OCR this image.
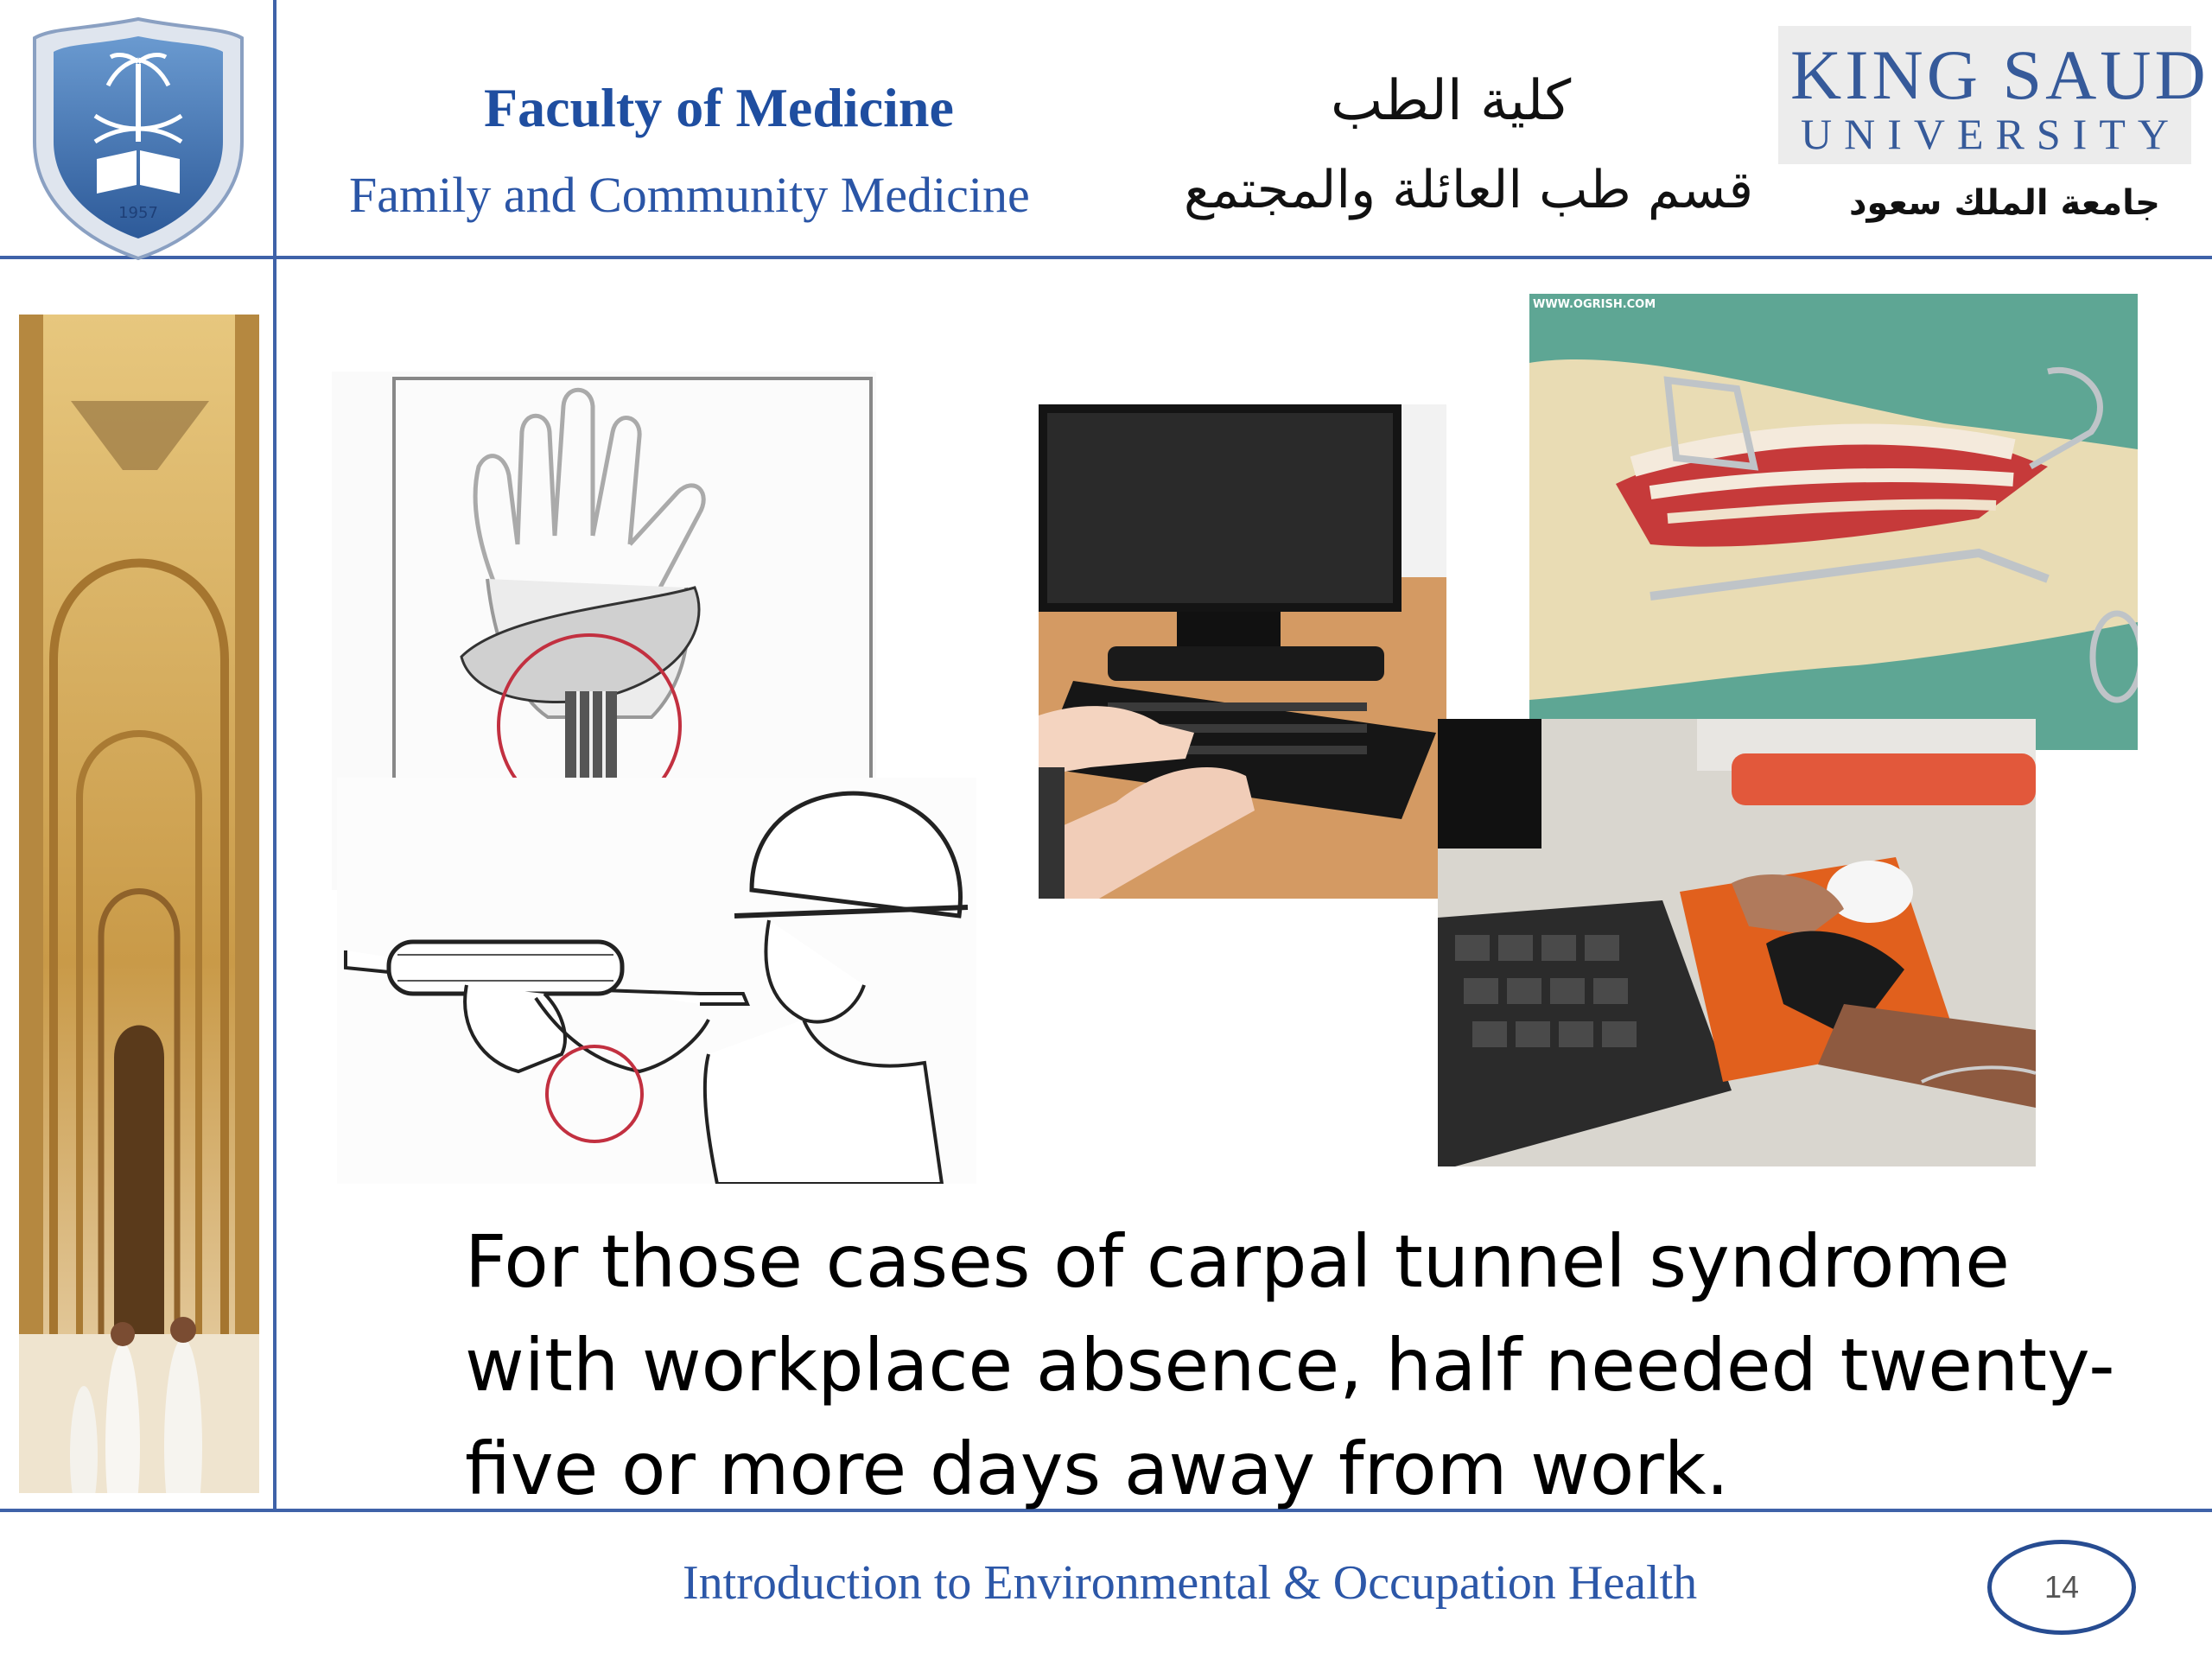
1957
Faculty of Medicine
Family and Community Medicine
كلية الطب
قسم طب العائلة والمجتمع
KING SAUD
UNIVERSITY
جامعة الملك سعود
WWW.OGRISH.COM
For those cases of carpal tunnel syndrome with workplace absence, half needed twenty-five or more days away from work.
Introduction to Environmental & Occupation Health	14
